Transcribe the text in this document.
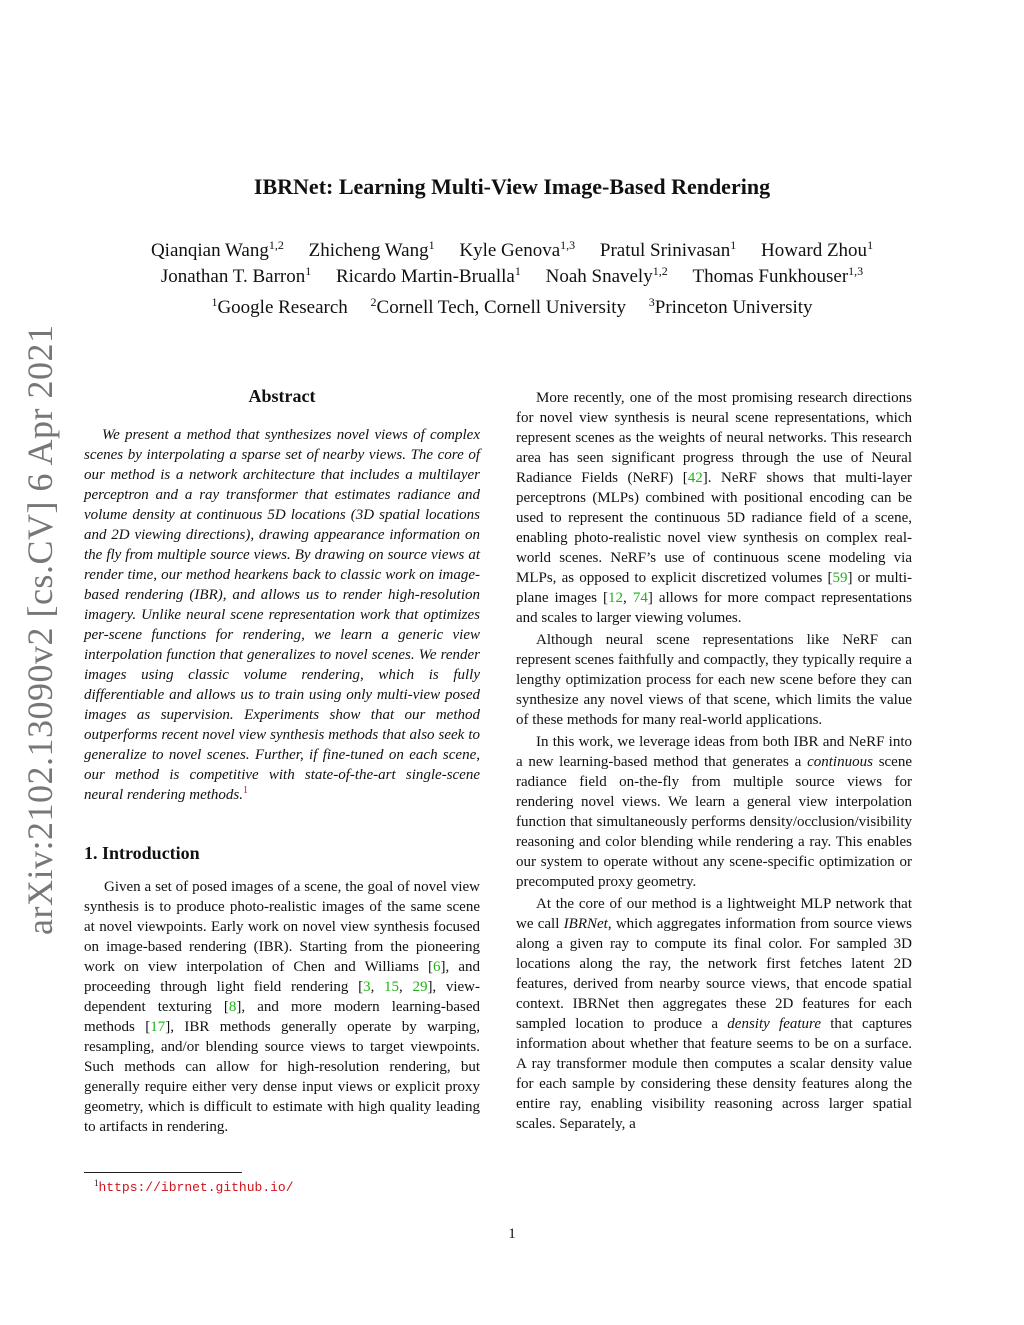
arXiv:2102.13090v2 [cs.CV] 6 Apr 2021
IBRNet: Learning Multi-View Image-Based Rendering
Qianqian Wang$^{1,2}$ Zhicheng Wang$^1$ Kyle Genova$^{1,3}$ Pratul Srinivasan$^1$ Howard Zhou$^1$
Jonathan T. Barron$^1$ Ricardo Martin-Brualla$^1$ Noah Snavely$^{1,2}$ Thomas Funkhouser$^{1,3}$
$^1$Google Research $^2$Cornell Tech, Cornell University $^3$Princeton University
Abstract

We present a method that synthesizes novel views of complex scenes by interpolating a sparse set of nearby views. The core of our method is a network architecture that includes a multilayer perceptron and a ray transformer that estimates radiance and volume density at continuous 5D locations (3D spatial locations and 2D viewing directions), drawing appearance information on the fly from multiple source views. By drawing on source views at render time, our method hearkens back to classic work on image-based rendering (IBR), and allows us to render high-resolution imagery. Unlike neural scene representation work that optimizes per-scene functions for rendering, we learn a generic view interpolation function that generalizes to novel scenes. We render images using classic volume rendering, which is fully differentiable and allows us to train using only multi-view posed images as supervision. Experiments show that our method outperforms recent novel view synthesis methods that also seek to generalize to novel scenes. Further, if fine-tuned on each scene, our method is competitive with state-of-the-art single-scene neural rendering methods.$^1$

1. Introduction

Given a set of posed images of a scene, the goal of novel view synthesis is to produce photo-realistic images of the same scene at novel viewpoints. Early work on novel view synthesis focused on image-based rendering (IBR). Starting from the pioneering work on view interpolation of Chen and Williams [6], and proceeding through light field rendering [3, 15, 29], view-dependent texturing [8], and more modern learning-based methods [17], IBR methods generally operate by warping, resampling, and/or blending source views to target viewpoints. Such methods can allow for high-resolution rendering, but generally require either very dense input views or explicit proxy geometry, which is difficult to estimate with high quality leading to artifacts in rendering.

More recently, one of the most promising research directions for novel view synthesis is neural scene representations, which represent scenes as the weights of neural networks. This research area has seen significant progress through the use of Neural Radiance Fields (NeRF) [42]. NeRF shows that multi-layer perceptrons (MLPs) combined with positional encoding can be used to represent the continuous 5D radiance field of a scene, enabling photo-realistic novel view synthesis on complex real-world scenes. NeRF’s use of continuous scene modeling via MLPs, as opposed to explicit discretized volumes [59] or multi-plane images [12, 74] allows for more compact representations and scales to larger viewing volumes.

Although neural scene representations like NeRF can represent scenes faithfully and compactly, they typically require a lengthy optimization process for each new scene before they can synthesize any novel views of that scene, which limits the value of these methods for many real-world applications.

In this work, we leverage ideas from both IBR and NeRF into a new learning-based method that generates a continuous scene radiance field on-the-fly from multiple source views for rendering novel views. We learn a general view interpolation function that simultaneously performs density/occlusion/visibility reasoning and color blending while rendering a ray. This enables our system to operate without any scene-specific optimization or precomputed proxy geometry.

At the core of our method is a lightweight MLP network that we call IBRNet, which aggregates information from source views along a given ray to compute its final color. For sampled 3D locations along the ray, the network first fetches latent 2D features, derived from nearby source views, that encode spatial context. IBRNet then aggregates these 2D features for each sampled location to produce a density feature that captures information about whether that feature seems to be on a surface. A ray transformer module then computes a scalar density value for each sample by considering these density features along the entire ray, enabling visibility reasoning across larger spatial scales. Separately, a

$^1$https://ibrnet.github.io/
1
